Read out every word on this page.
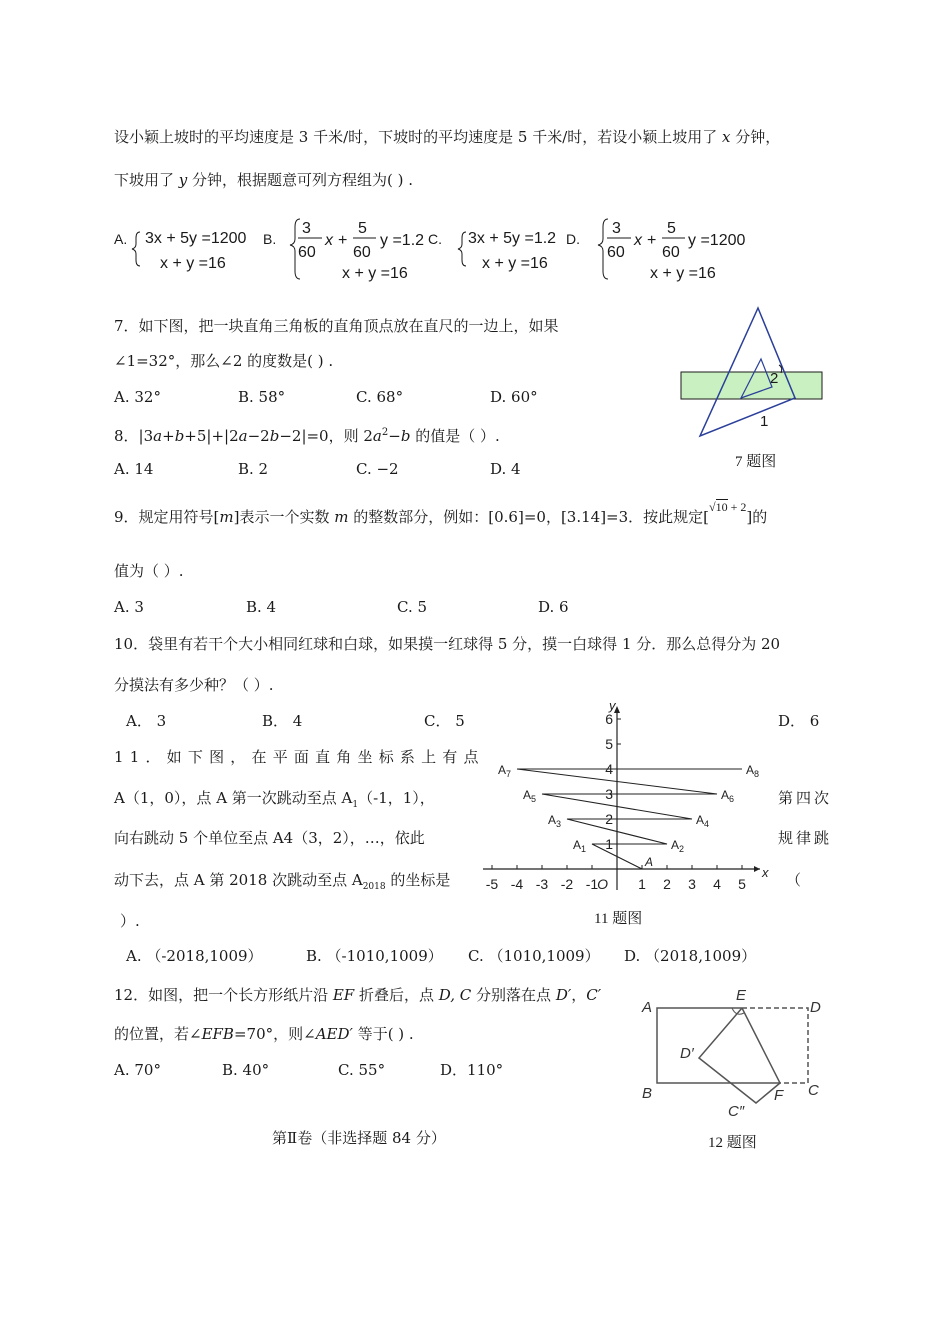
设小颖上坡时的平均速度是 3 千米/时，下坡时的平均速度是 5 千米/时，若设小颖上坡用了 x 分钟，
下坡用了 y 分钟，根据题意可列方程组为( ) .
A. 3x + 5y =1200
x + y =16
B.
3
60
x +
5
60
y =1.2
x + y =16
C. 3x + 5y =1.2
x + y =16
D.
3
60
x +
5
60
y =1200
x + y =16
7．如下图，把一块直角三角板的直角顶点放在直尺的一边上，如果
∠1=32°，那么∠2 的度数是( ) .
A. 32°	B. 58°	C. 68°	D. 60°
2
1
7 题图
8．|3a+b+5|+|2a−2b−2|=0，则 $2a^2-b$ 的值是（ ）.
A. 14	B. 2	C. −2	D. 4
9．规定用符号[m]表示一个实数 m 的整数部分，例如：[0.6]=0，[3.14]=3．按此规定[$^{√10 + 2}$]的
值为（ ）.
A. 3	B. 4	C. 5	D. 6
10．袋里有若干个大小相同红球和白球，如果摸一红球得 5 分，摸一白球得 1 分．那么总得分为 20
分摸法有多少种？（ ）.
A． 3	B． 4	C． 5	D． 6
11．如下图，在平面直角坐标系上有点
A（1，0），点 A 第一次跳动至点 $A_1(-1$，1），
向右跳动 5 个单位至点 A4（3，2），…，依此
动下去，点 A 第 2018 次跳动至点 $A_{2018}$ 的坐标是
第四次
规律跳
（
）.
-5 -4 -3 -2 -1	1 2 3 4 5
1
2
3
4
5
6
O
x
y
A
$A_1$	$A_2$
$A_3$	$A_4$
$A_5$	$A_6$
$A_7$	$A_8$
11 题图
A. （-2018,1009）	B. （-1010,1009） C. （1010,1009） D. （2018,1009）
12．如图，把一个长方形纸片沿 EF 折叠后，点 D, C 分别落在点 D′，C′
的位置，若∠EFB=70°，则∠AED′ 等于( ) .
A. 70°	B. 40°	C. 55°	D．110°
A
B	C
D
E
F
D′
C″
12 题图
第Ⅱ卷（非选择题 84 分）
